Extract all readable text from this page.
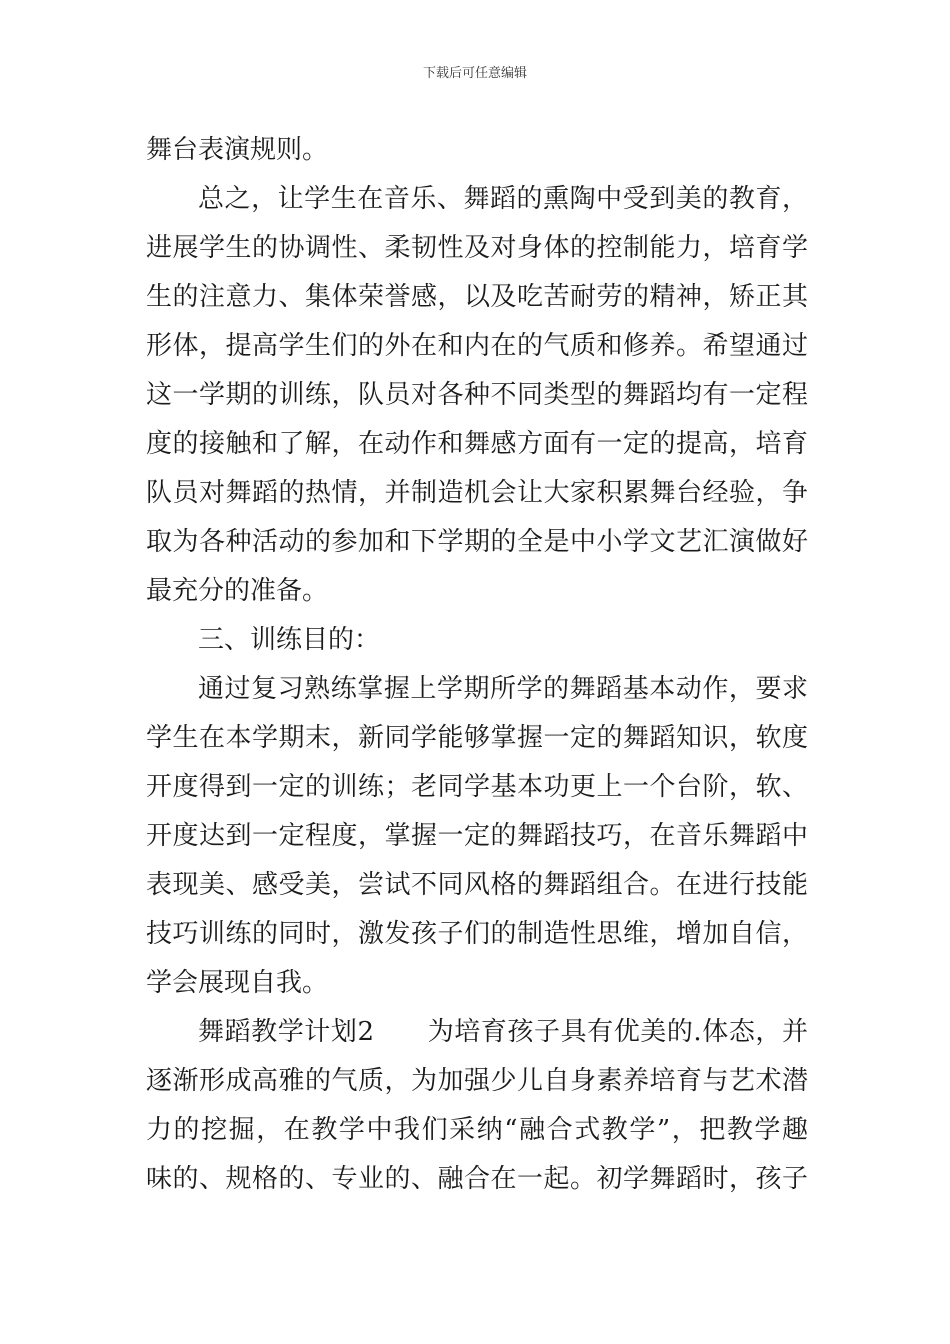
下载后可任意编辑
舞台表演规则。
总之，让学生在音乐、舞蹈的熏陶中受到美的教育，
进展学生的协调性、柔韧性及对身体的控制能力，培育学
生的注意力、集体荣誉感，以及吃苦耐劳的精神，矫正其
形体，提高学生们的外在和内在的气质和修养。希望通过
这一学期的训练，队员对各种不同类型的舞蹈均有一定程
度的接触和了解，在动作和舞感方面有一定的提高，培育
队员对舞蹈的热情，并制造机会让大家积累舞台经验，争
取为各种活动的参加和下学期的全是中小学文艺汇演做好
最充分的准备。
三、训练目的：
通过复习熟练掌握上学期所学的舞蹈基本动作，要求
学生在本学期末，新同学能够掌握一定的舞蹈知识，软度
开度得到一定的训练；老同学基本功更上一个台阶，软、
开度达到一定程度，掌握一定的舞蹈技巧，在音乐舞蹈中
表现美、感受美，尝试不同风格的舞蹈组合。在进行技能
技巧训练的同时，激发孩子们的制造性思维，增加自信，
学会展现自我。
舞蹈教学计划2　　为培育孩子具有优美的.体态，并
逐渐形成高雅的气质，为加强少儿自身素养培育与艺术潜
力的挖掘，在教学中我们采纳“融合式教学”，把教学趣
味的、规格的、专业的、融合在一起。初学舞蹈时，孩子
